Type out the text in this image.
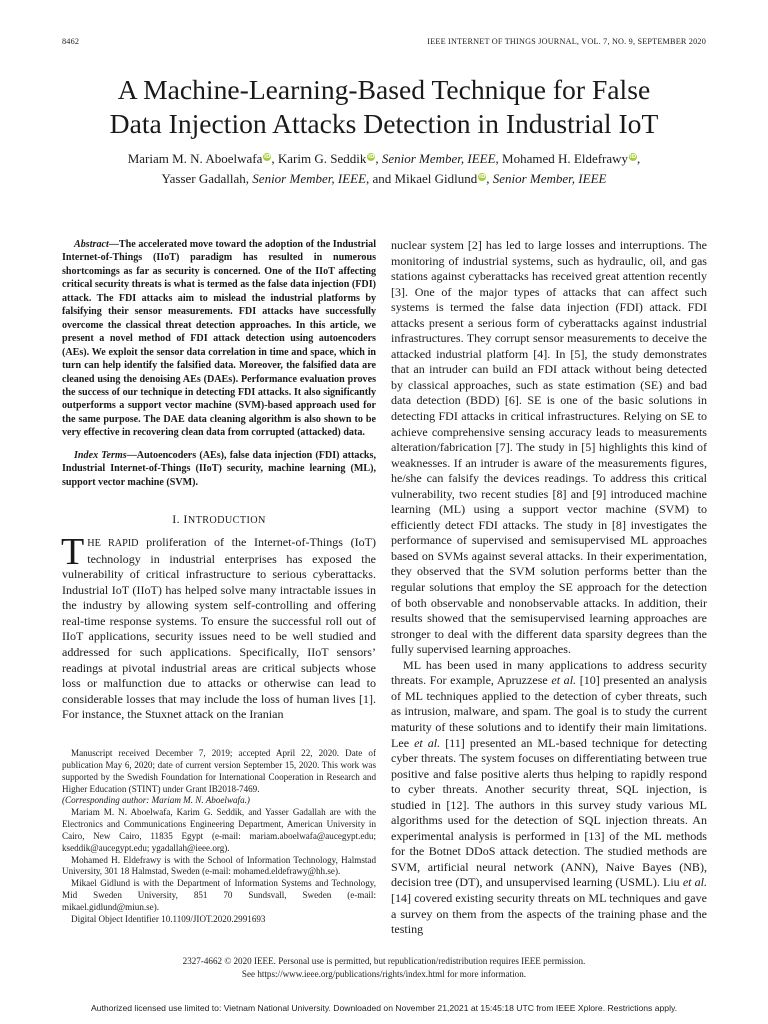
8462	IEEE INTERNET OF THINGS JOURNAL, VOL. 7, NO. 9, SEPTEMBER 2020
A Machine-Learning-Based Technique for False
Data Injection Attacks Detection in Industrial IoT
Mariam M. N. Aboelwafa iD, Karim G. Seddik iD, Senior Member, IEEE, Mohamed H. Eldefrawy iD,
Yasser Gadallah, Senior Member, IEEE, and Mikael Gidlund iD, Senior Member, IEEE
Abstract—The accelerated move toward the adoption of the Industrial Internet-of-Things (IIoT) paradigm has resulted in numerous shortcomings as far as security is concerned. One of the IIoT affecting critical security threats is what is termed as the false data injection (FDI) attack. The FDI attacks aim to mislead the industrial platforms by falsifying their sensor measurements. FDI attacks have successfully overcome the classical threat detection approaches. In this article, we present a novel method of FDI attack detection using autoencoders (AEs). We exploit the sensor data correlation in time and space, which in turn can help identify the falsified data. Moreover, the falsified data are cleaned using the denoising AEs (DAEs). Performance evaluation proves the success of our technique in detecting FDI attacks. It also significantly outperforms a support vector machine (SVM)-based approach used for the same purpose. The DAE data cleaning algorithm is also shown to be very effective in recovering clean data from corrupted (attacked) data.
Index Terms—Autoencoders (AEs), false data injection (FDI) attacks, Industrial Internet-of-Things (IIoT) security, machine learning (ML), support vector machine (SVM).
I. INTRODUCTION
THE RAPID proliferation of the Internet-of-Things (IoT) technology in industrial enterprises has exposed the vulnerability of critical infrastructure to serious cyberattacks. Industrial IoT (IIoT) has helped solve many intractable issues in the industry by allowing system self-controlling and offering real-time response systems. To ensure the successful roll out of IIoT applications, security issues need to be well studied and addressed for such applications. Specifically, IIoT sensors’ readings at pivotal industrial areas are critical subjects whose loss or malfunction due to attacks or otherwise can lead to considerable losses that may include the loss of human lives [1]. For instance, the Stuxnet attack on the Iranian

Manuscript received December 7, 2019; accepted April 22, 2020. Date of publication May 6, 2020; date of current version September 15, 2020. This work was supported by the Swedish Foundation for International Cooperation in Research and Higher Education (STINT) under Grant IB2018-7469.

(Corresponding author: Mariam M. N. Aboelwafa.)

Mariam M. N. Aboelwafa, Karim G. Seddik, and Yasser Gadallah are with the Electronics and Communications Engineering Department, American University in Cairo, New Cairo, 11835 Egypt (e-mail: mariam.aboelwafa@aucegypt.edu; kseddik@aucegypt.edu; ygadallah@ieee.org).

Mohamed H. Eldefrawy is with the School of Information Technology, Halmstad University, 301 18 Halmstad, Sweden (e-mail: mohamed.eldefrawy@hh.se).

Mikael Gidlund is with the Department of Information Systems and Technology, Mid Sweden University, 851 70 Sundsvall, Sweden (e-mail: mikael.gidlund@miun.se).

Digital Object Identifier 10.1109/JIOT.2020.2991693

nuclear system [2] has led to large losses and interruptions. The monitoring of industrial systems, such as hydraulic, oil, and gas stations against cyberattacks has received great attention recently [3]. One of the major types of attacks that can affect such systems is termed the false data injection (FDI) attack. FDI attacks present a serious form of cyberattacks against industrial infrastructures. They corrupt sensor measurements to deceive the attacked industrial platform [4]. In [5], the study demonstrates that an intruder can build an FDI attack without being detected by classical approaches, such as state estimation (SE) and bad data detection (BDD) [6]. SE is one of the basic solutions in detecting FDI attacks in critical infrastructures. Relying on SE to achieve comprehensive sensing accuracy leads to measurements alteration/fabrication [7]. The study in [5] highlights this kind of weaknesses. If an intruder is aware of the measurements figures, he/she can falsify the devices readings. To address this critical vulnerability, two recent studies [8] and [9] introduced machine learning (ML) using a support vector machine (SVM) to efficiently detect FDI attacks. The study in [8] investigates the performance of supervised and semisupervised ML approaches based on SVMs against several attacks. In their experimentation, they observed that the SVM solution performs better than the regular solutions that employ the SE approach for the detection of both observable and nonobservable attacks. In addition, their results showed that the semisupervised learning approaches are stronger to deal with the different data sparsity degrees than the fully supervised learning approaches.

ML has been used in many applications to address security threats. For example, Apruzzese et al. [10] presented an analysis of ML techniques applied to the detection of cyber threats, such as intrusion, malware, and spam. The goal is to study the current maturity of these solutions and to identify their main limitations. Lee et al. [11] presented an ML-based technique for detecting cyber threats. The system focuses on differentiating between true positive and false positive alerts thus helping to rapidly respond to cyber threats. Another security threat, SQL injection, is studied in [12]. The authors in this survey study various ML algorithms used for the detection of SQL injection threats. An experimental analysis is performed in [13] of the ML methods for the Botnet DDoS attack detection. The studied methods are SVM, artificial neural network (ANN), Naive Bayes (NB), decision tree (DT), and unsupervised learning (USML). Liu et al. [14] covered existing security threats on ML techniques and gave a survey on them from the aspects of the training phase and the testing

2327-4662 © 2020 IEEE. Personal use is permitted, but republication/redistribution requires IEEE permission.

See https://www.ieee.org/publications/rights/index.html for more information.

Authorized licensed use limited to: Vietnam National University. Downloaded on November 21,2021 at 15:45:18 UTC from IEEE Xplore. Restrictions apply.
